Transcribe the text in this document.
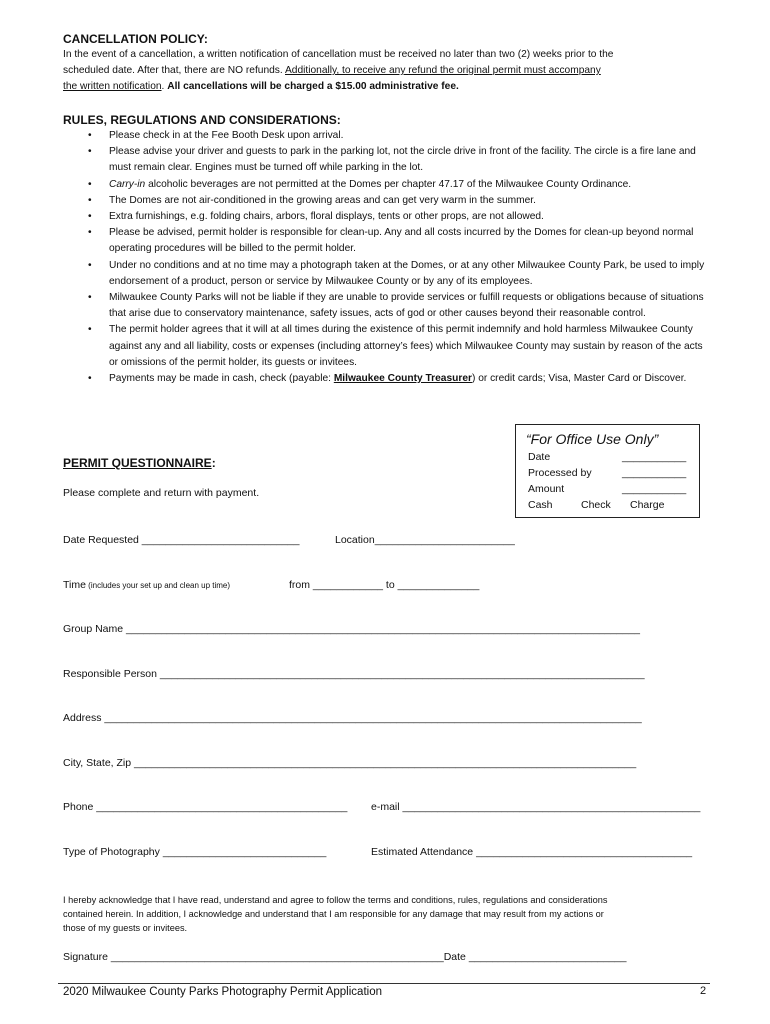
CANCELLATION POLICY:
In the event of a cancellation, a written notification of cancellation must be received no later than two (2) weeks prior to the
scheduled date. After that, there are NO refunds. Additionally, to receive any refund the original permit must accompany
the written notification. All cancellations will be charged a $15.00 administrative fee.
RULES, REGULATIONS AND CONSIDERATIONS:
• Please check in at the Fee Booth Desk upon arrival.
• Please advise your driver and guests to park in the parking lot, not the circle drive in front of the facility. The circle is a fire lane and must remain clear. Engines must be turned off while parking in the lot.
• Carry-in alcoholic beverages are not permitted at the Domes per chapter 47.17 of the Milwaukee County Ordinance.
• The Domes are not air-conditioned in the growing areas and can get very warm in the summer.
• Extra furnishings, e.g. folding chairs, arbors, floral displays, tents or other props, are not allowed.
• Please be advised, permit holder is responsible for clean-up. Any and all costs incurred by the Domes for clean-up beyond normal operating procedures will be billed to the permit holder.
• Under no conditions and at no time may a photograph taken at the Domes, or at any other Milwaukee County Park, be used to imply endorsement of a product, person or service by Milwaukee County or by any of its employees.
• Milwaukee County Parks will not be liable if they are unable to provide services or fulfill requests or obligations because of situations that arise due to conservatory maintenance, safety issues, acts of god or other causes beyond their reasonable control.
• The permit holder agrees that it will at all times during the existence of this permit indemnify and hold harmless Milwaukee County against any and all liability, costs or expenses (including attorney’s fees) which Milwaukee County may sustain by reason of the acts or omissions of the permit holder, its guests or invitees.
• Payments may be made in cash, check (payable: Milwaukee County Treasurer) or credit cards; Visa, Master Card or Discover.
“For Office Use Only”
Date	___________
Processed by	___________
Amount	___________
Cash	Check Charge
PERMIT QUESTIONNAIRE:
Please complete and return with payment.
Date Requested ___________________________	Location________________________
Time (includes your set up and clean up time)	from ____________ to ______________
Group Name ________________________________________________________________________________________
Responsible Person ___________________________________________________________________________________
Address ____________________________________________________________________________________________
City, State, Zip ______________________________________________________________________________________
Phone ___________________________________________ e-mail ___________________________________________________
Type of Photography ____________________________	Estimated Attendance _____________________________________
I hereby acknowledge that I have read, understand and agree to follow the terms and conditions, rules, regulations and considerations
contained herein. In addition, I acknowledge and understand that I am responsible for any damage that may result from my actions or
those of my guests or invitees.
Signature _________________________________________________________Date ___________________________
2020 Milwaukee County Parks Photography Permit Application	2
